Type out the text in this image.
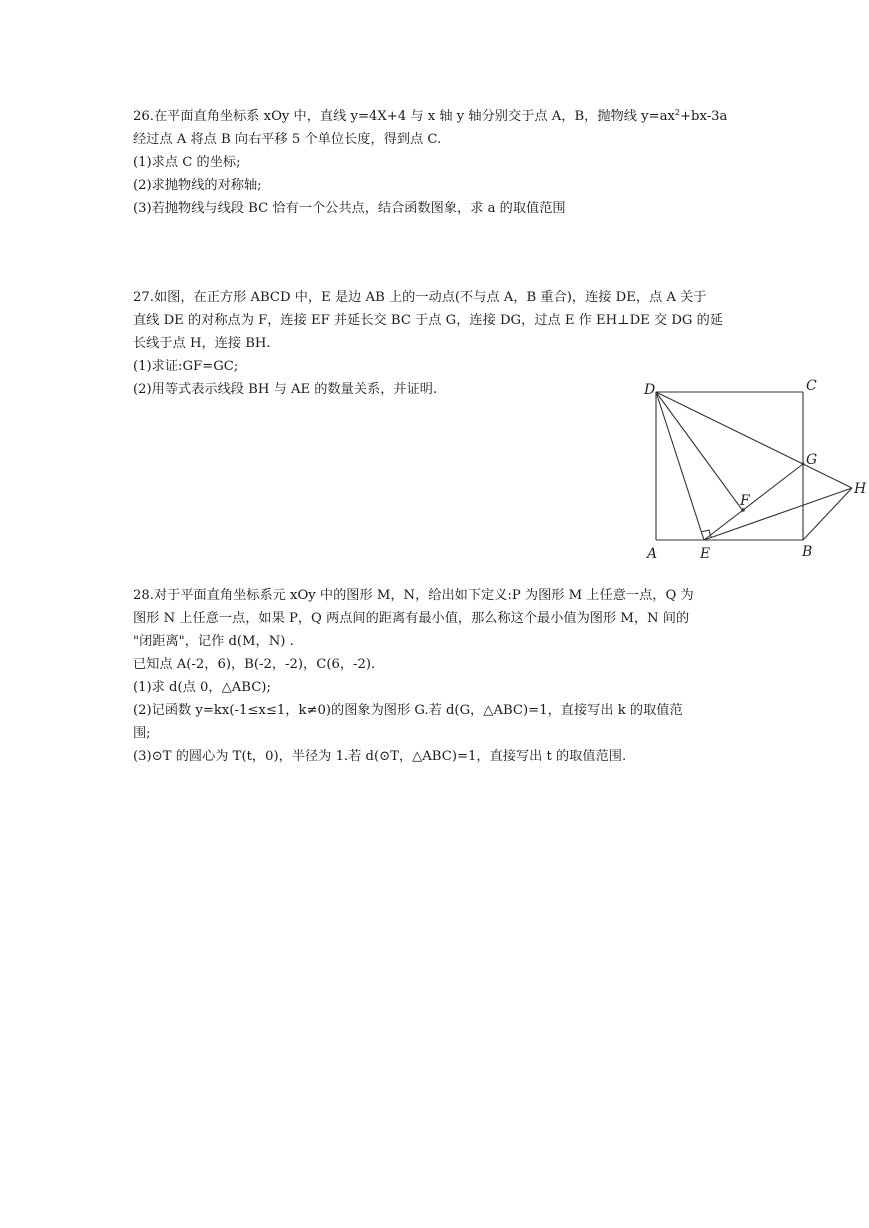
26.在平面直角坐标系 xOy 中，直线 y=4X+4 与 x 轴 y 轴分别交于点 A，B，抛物线 $y=ax^2+bx-3a$
经过点 A 将点 B 向右平移 5 个单位长度，得到点 C.
(1)求点 C 的坐标;
(2)求抛物线的对称轴;
(3)若抛物线与线段 BC 恰有一个公共点，结合函数图象，求 a 的取值范围
27.如图，在正方形 ABCD 中，E 是边 AB 上的一动点(不与点 A，B 重合)，连接 DE，点 A 关于
直线 DE 的对称点为 F，连接 EF 并延长交 BC 于点 G，连接 DG，过点 E 作 EH⊥DE 交 DG 的延
长线于点 H，连接 BH.
(1)求证:GF=GC;
(2)用等式表示线段 BH 与 AE 的数量关系，并证明.	D	C
G
H
F
A	E	B
28.对于平面直角坐标系元 xOy 中的图形 M，N，给出如下定义:P 为图形 M 上任意一点，Q 为
图形 N 上任意一点，如果 P，Q 两点间的距离有最小值，那么称这个最小值为图形 M，N 间的
"闭距离"，记作 d(M，N) .
已知点 A(-2，6)，B(-2，-2)，C(6，-2).
(1)求 d(点 0，△ABC);
(2)记函数 y=kx(-1≤x≤1，k≠0)的图象为图形 G.若 d(G，△ABC)=1，直接写出 k 的取值范
围;
(3)⊙T 的圆心为 T(t，0)，半径为 1.若 d(⊙T，△ABC)=1，直接写出 t 的取值范围.
